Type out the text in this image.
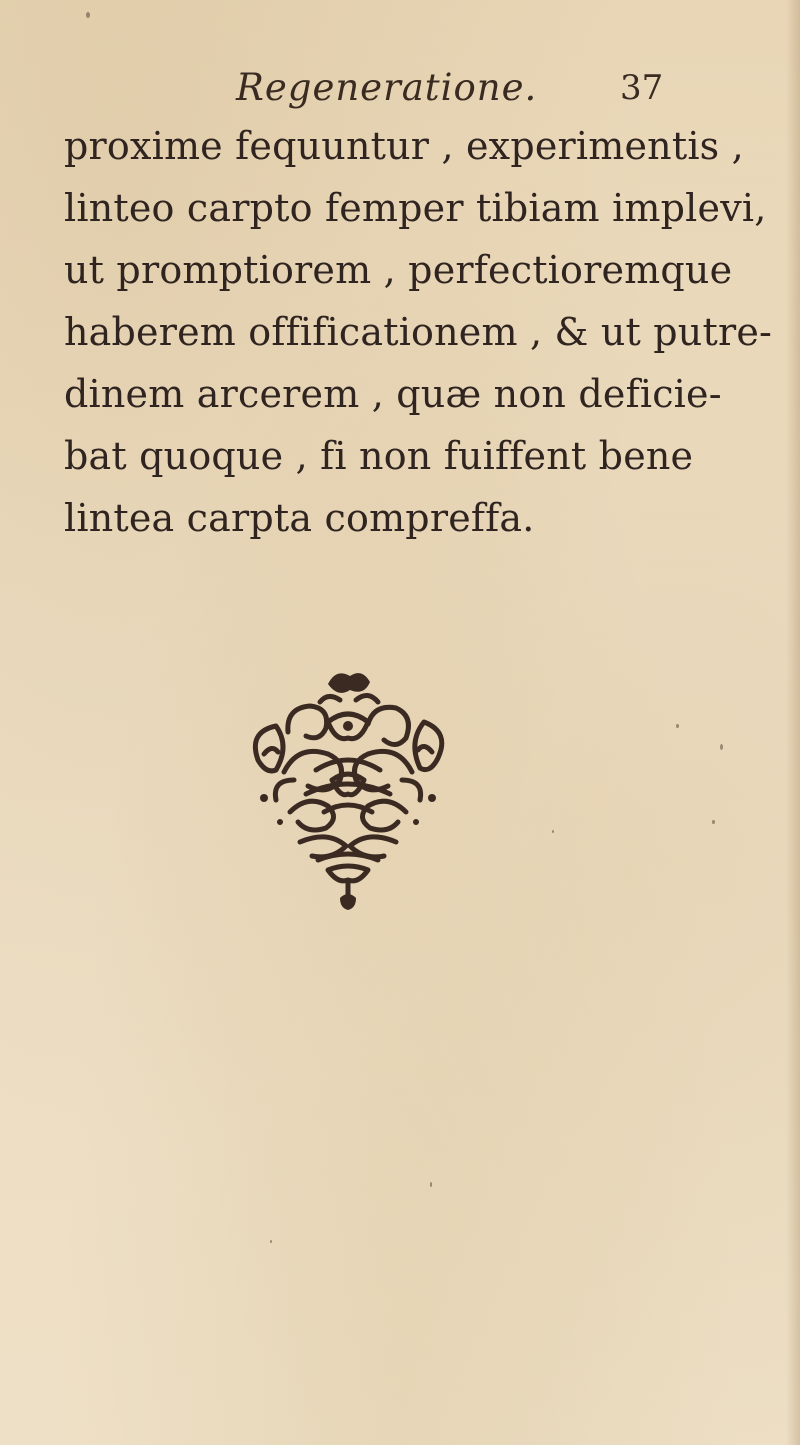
Regeneratione. 37
proxime fequuntur , experimentis ,
linteo carpto femper tibiam implevi,
ut promptiorem , perfectioremque
haberem offificationem , & ut putre-
dinem arcerem , quæ non deficie-
bat quoque , fi non fuiffent bene
lintea carpta compreffa.
